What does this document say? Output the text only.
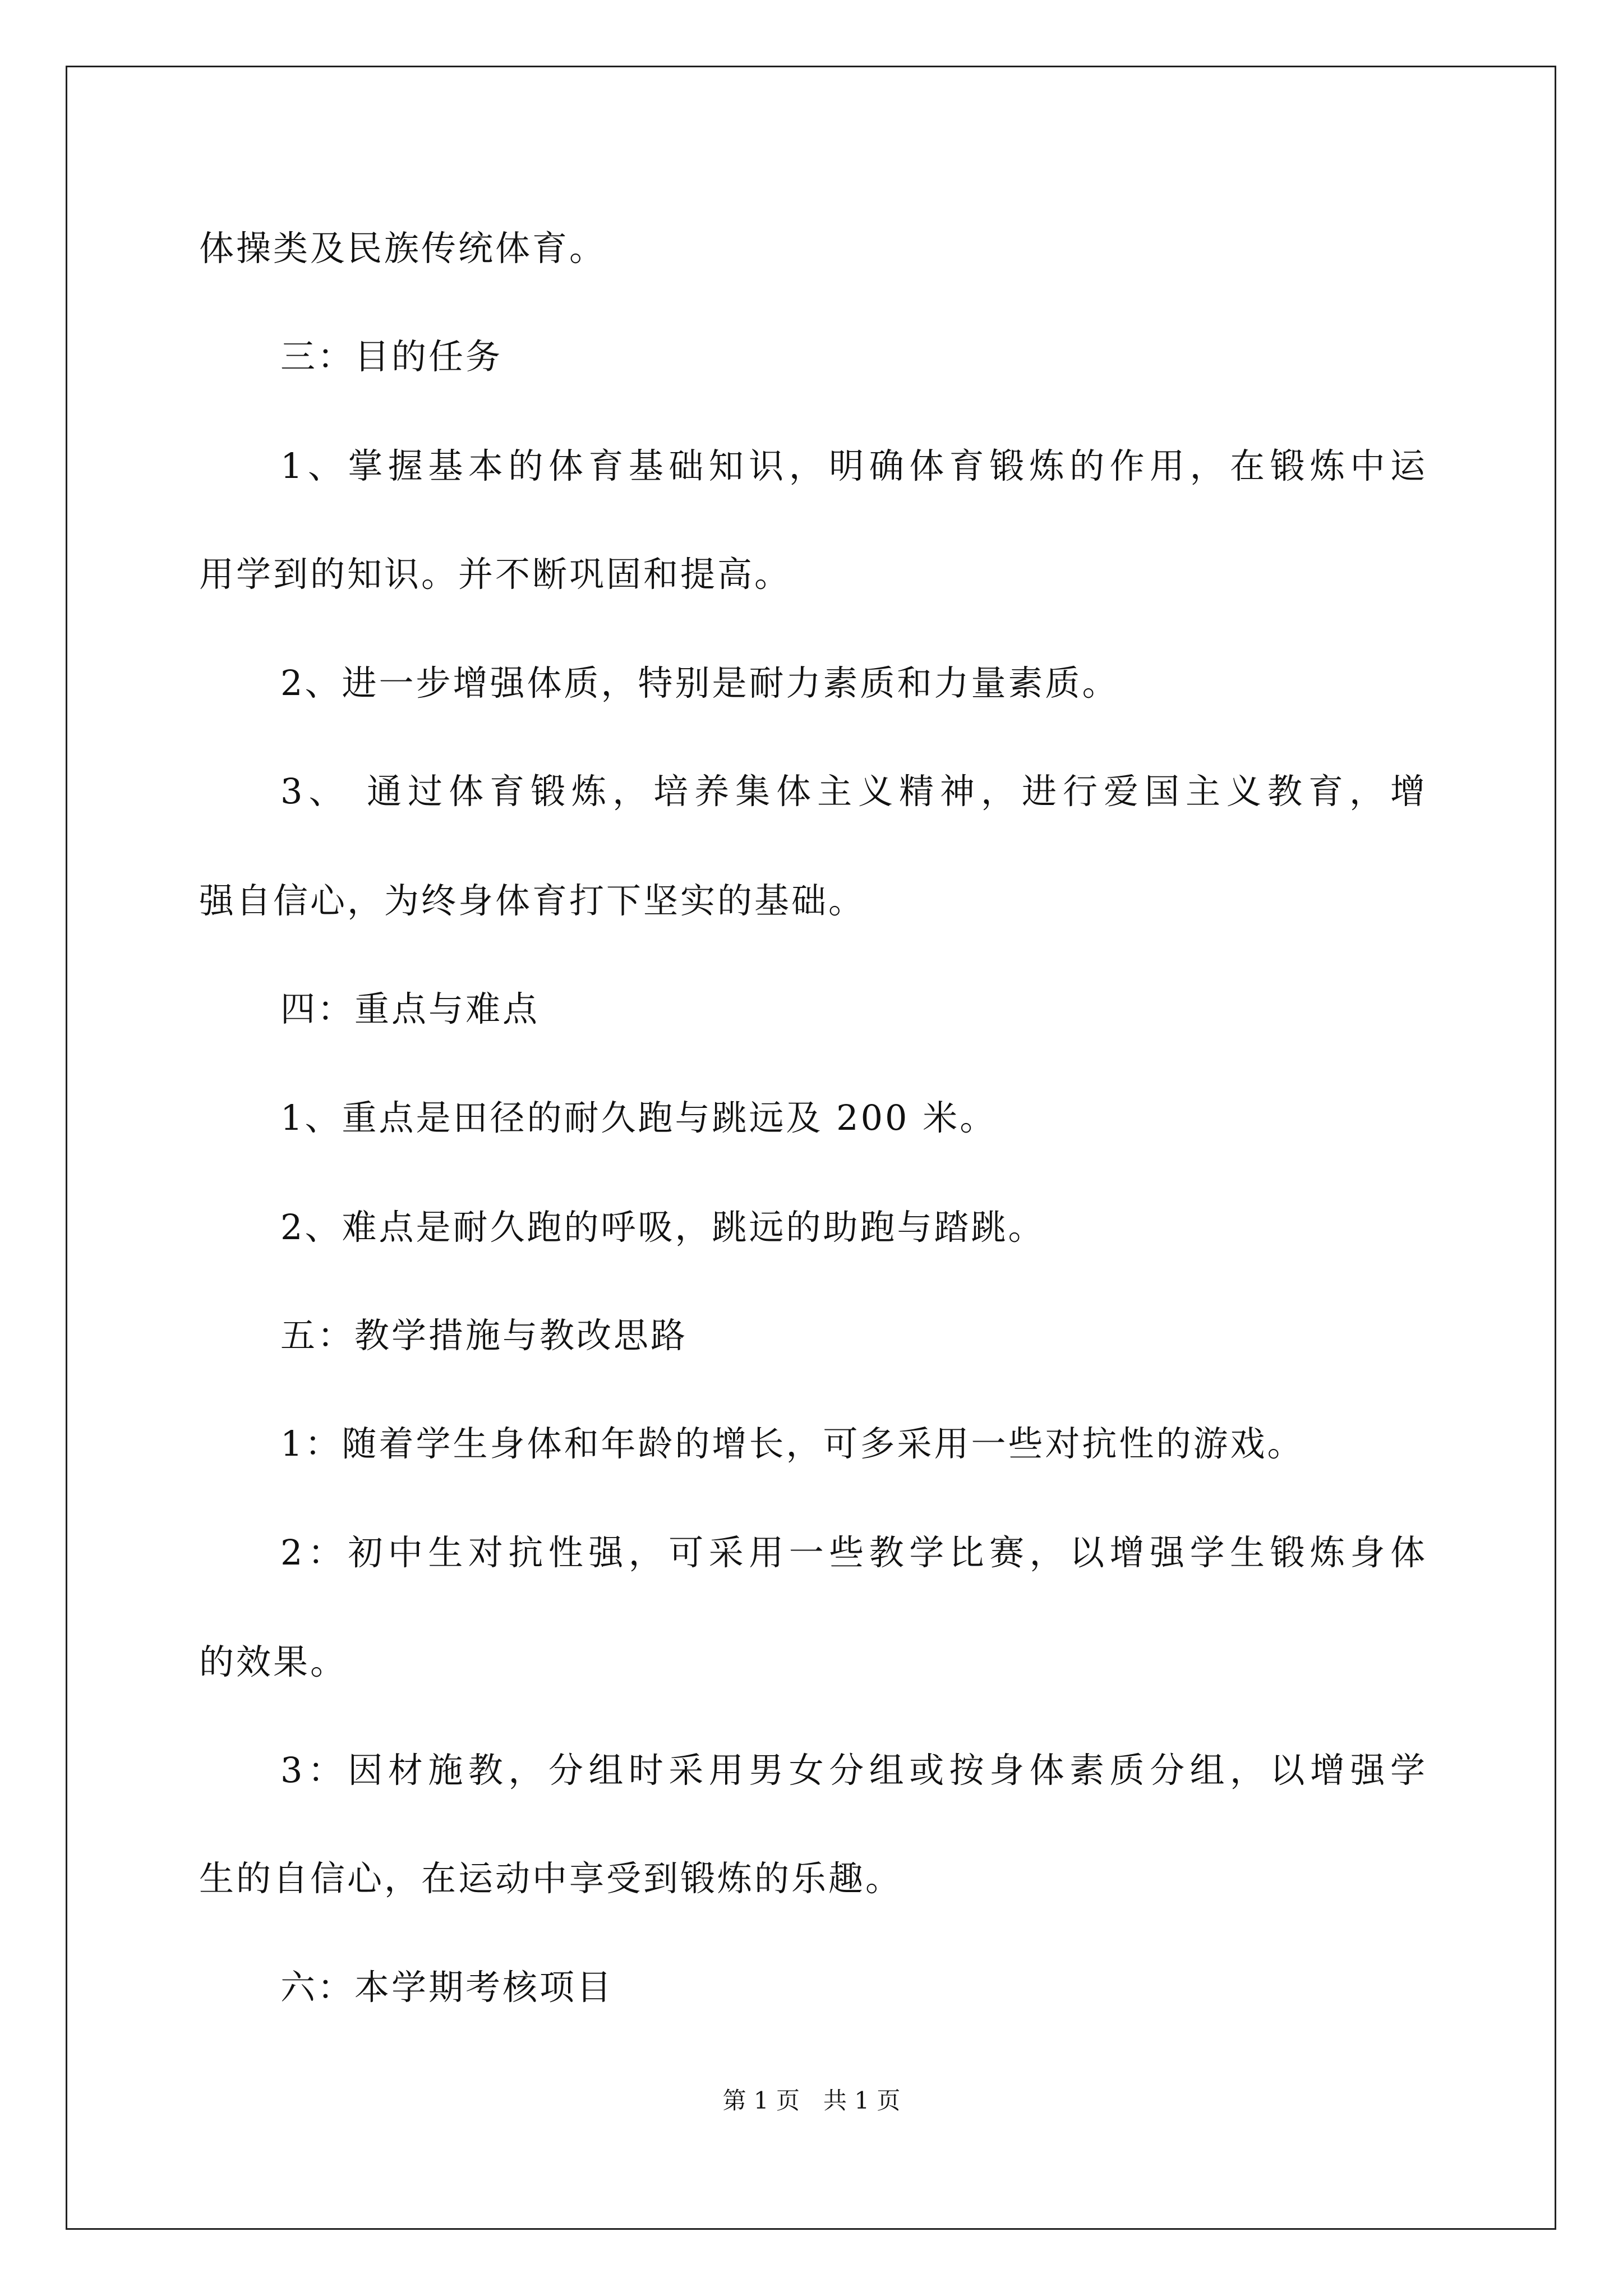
体操类及民族传统体育。
三：目的任务
1、掌握基本的体育基础知识，明确体育锻炼的作用，在锻炼中运
用学到的知识。并不断巩固和提高。
2、进一步增强体质，特别是耐力素质和力量素质。
3、 通过体育锻炼，培养集体主义精神，进行爱国主义教育，增
强自信心，为终身体育打下坚实的基础。
四：重点与难点
1、重点是田径的耐久跑与跳远及 200 米。
2、难点是耐久跑的呼吸，跳远的助跑与踏跳。
五：教学措施与教改思路
1：随着学生身体和年龄的增长，可多采用一些对抗性的游戏。
2：初中生对抗性强，可采用一些教学比赛，以增强学生锻炼身体
的效果。
3：因材施教，分组时采用男女分组或按身体素质分组，以增强学
生的自信心，在运动中享受到锻炼的乐趣。
六：本学期考核项目
第 1 页　共 1 页
